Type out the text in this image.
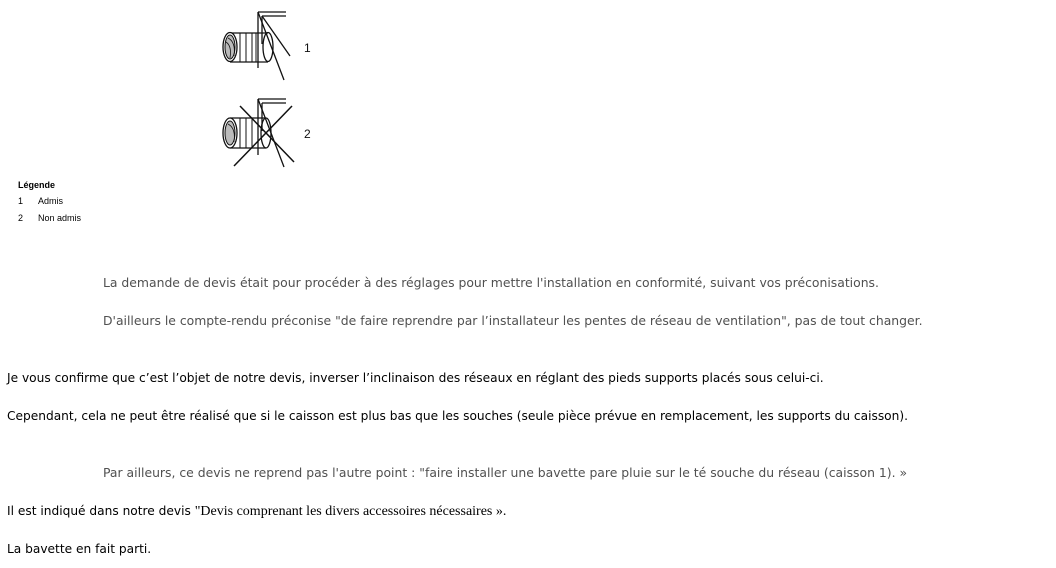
1
2
Légende
1	Admis
2	Non admis
La demande de devis était pour procéder à des réglages pour mettre l'installation en conformité, suivant vos préconisations.
D'ailleurs le compte-rendu préconise "de faire reprendre par l’installateur les pentes de réseau de ventilation", pas de tout changer.
Je vous confirme que c’est l’objet de notre devis, inverser l’inclinaison des réseaux en réglant des pieds supports placés sous celui-ci.
Cependant, cela ne peut être réalisé que si le caisson est plus bas que les souches (seule pièce prévue en remplacement, les supports du caisson).
Par ailleurs, ce devis ne reprend pas l'autre point : "faire installer une bavette pare pluie sur le té souche du réseau (caisson 1). »
Il est indiqué dans notre devis "Devis comprenant les divers accessoires nécessaires ».
La bavette en fait parti.
